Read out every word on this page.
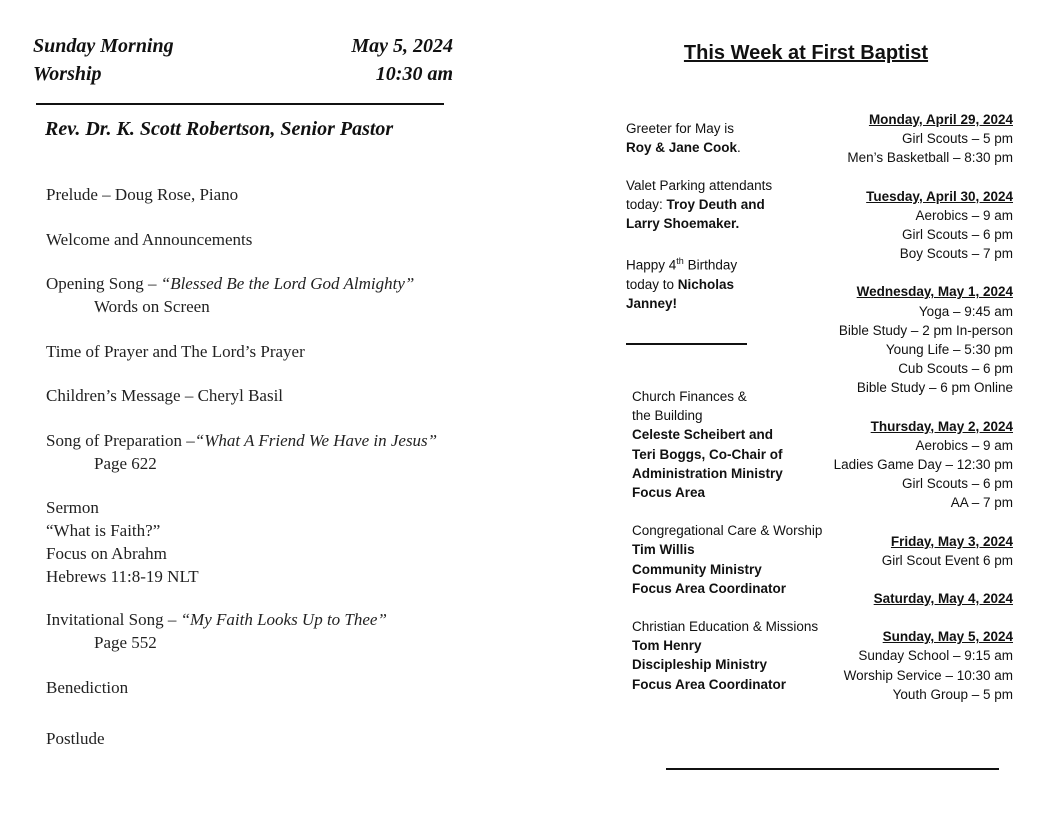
Sunday Morning
Worship
May 5, 2024
10:30 am
Rev. Dr. K. Scott Robertson, Senior Pastor
Prelude – Doug Rose, Piano
Welcome and Announcements
Opening Song – “Blessed Be the Lord God Almighty”
Words on Screen
Time of Prayer and The Lord’s Prayer
Children’s Message – Cheryl Basil
Song of Preparation –“What A Friend We Have in Jesus”
Page 622
Sermon
“What is Faith?”
Focus on Abrahm
Hebrews 11:8-19 NLT
Invitational Song – “My Faith Looks Up to Thee”
Page 552
Benediction
Postlude
This Week at First Baptist
Greeter for May is
Roy & Jane Cook.
Valet Parking attendants
today: Troy Deuth and
Larry Shoemaker.
Happy 4th Birthday
today to Nicholas
Janney!
Church Finances &
the Building
Celeste Scheibert and
Teri Boggs, Co-Chair of
Administration Ministry
Focus Area
Congregational Care & Worship
Tim Willis
Community Ministry
Focus Area Coordinator
Christian Education & Missions
Tom Henry
Discipleship Ministry
Focus Area Coordinator
Monday, April 29, 2024
Girl Scouts – 5 pm
Men’s Basketball – 8:30 pm
Tuesday, April 30, 2024
Aerobics – 9 am
Girl Scouts – 6 pm
Boy Scouts – 7 pm
Wednesday, May 1, 2024
Yoga – 9:45 am
Bible Study – 2 pm In-person
Young Life – 5:30 pm
Cub Scouts – 6 pm
Bible Study – 6 pm Online
Thursday, May 2, 2024
Aerobics – 9 am
Ladies Game Day – 12:30 pm
Girl Scouts – 6 pm
AA – 7 pm
Friday, May 3, 2024
Girl Scout Event 6 pm
Saturday, May 4, 2024
Sunday, May 5, 2024
Sunday School – 9:15 am
Worship Service – 10:30 am
Youth Group – 5 pm
